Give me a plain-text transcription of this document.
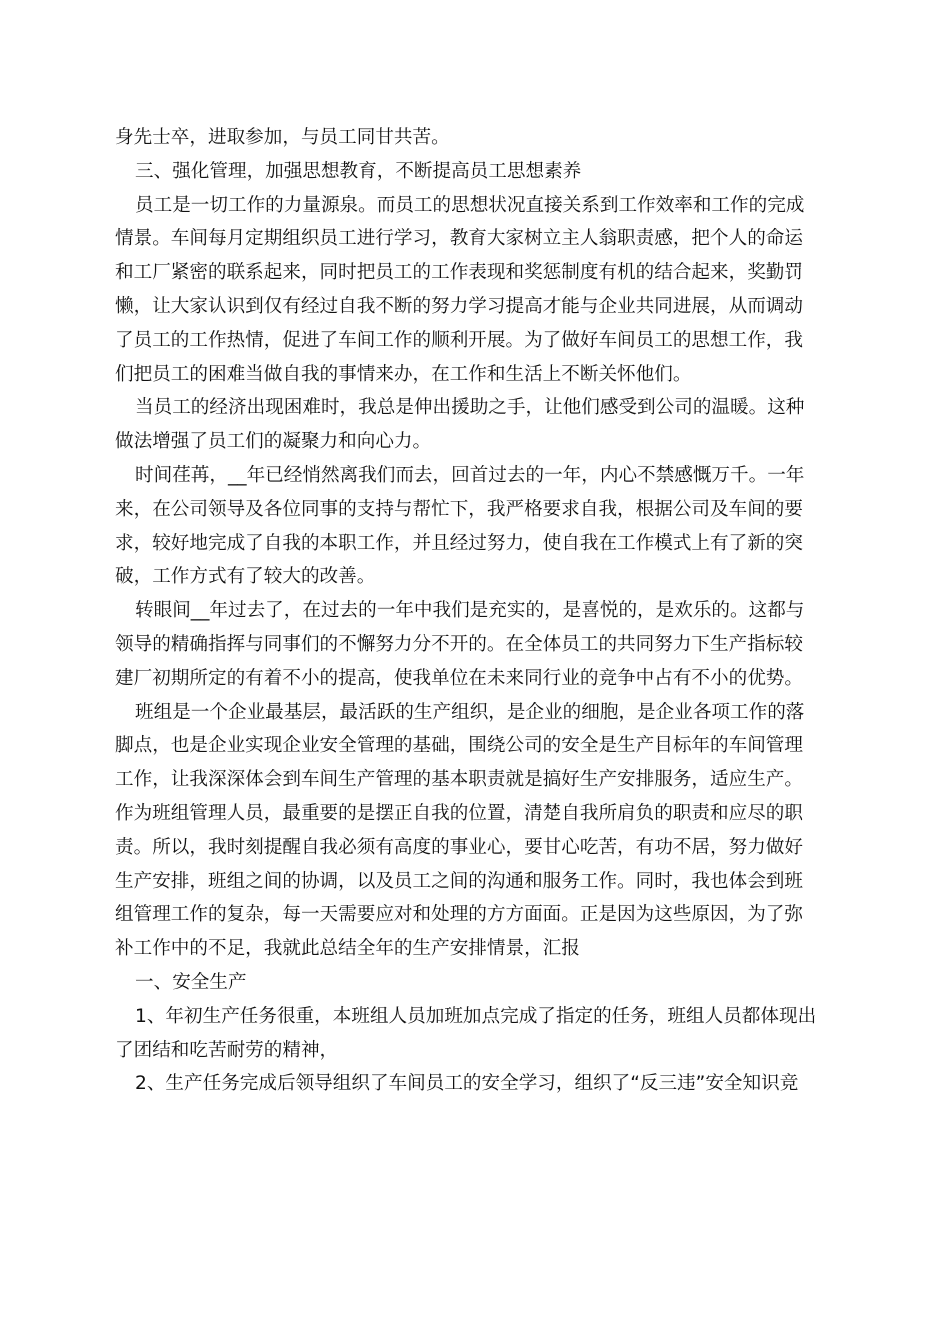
身先士卒，进取参加，与员工同甘共苦。
三、强化管理，加强思想教育，不断提高员工思想素养
员工是一切工作的力量源泉。而员工的思想状况直接关系到工作效率和工作的完成
情景。车间每月定期组织员工进行学习，教育大家树立主人翁职责感，把个人的命运
和工厂紧密的联系起来，同时把员工的工作表现和奖惩制度有机的结合起来，奖勤罚
懒，让大家认识到仅有经过自我不断的努力学习提高才能与企业共同进展，从而调动
了员工的工作热情，促进了车间工作的顺利开展。为了做好车间员工的思想工作，我
们把员工的困难当做自我的事情来办，在工作和生活上不断关怀他们。
当员工的经济出现困难时，我总是伸出援助之手，让他们感受到公司的温暖。这种
做法增强了员工们的凝聚力和向心力。
时间荏苒，__年已经悄然离我们而去，回首过去的一年，内心不禁感慨万千。一年
来，在公司领导及各位同事的支持与帮忙下，我严格要求自我，根据公司及车间的要
求，较好地完成了自我的本职工作，并且经过努力，使自我在工作模式上有了新的突
破，工作方式有了较大的改善。
转眼间__年过去了，在过去的一年中我们是充实的，是喜悦的，是欢乐的。这都与
领导的精确指挥与同事们的不懈努力分不开的。在全体员工的共同努力下生产指标较
建厂初期所定的有着不小的提高，使我单位在未来同行业的竞争中占有不小的优势。
班组是一个企业最基层，最活跃的生产组织，是企业的细胞，是企业各项工作的落
脚点，也是企业实现企业安全管理的基础，围绕公司的安全是生产目标年的车间管理
工作，让我深深体会到车间生产管理的基本职责就是搞好生产安排服务，适应生产。
作为班组管理人员，最重要的是摆正自我的位置，清楚自我所肩负的职责和应尽的职
责。所以，我时刻提醒自我必须有高度的事业心，要甘心吃苦，有功不居，努力做好
生产安排，班组之间的协调，以及员工之间的沟通和服务工作。同时，我也体会到班
组管理工作的复杂，每一天需要应对和处理的方方面面。正是因为这些原因，为了弥
补工作中的不足，我就此总结全年的生产安排情景，汇报
一、安全生产
1、年初生产任务很重，本班组人员加班加点完成了指定的任务，班组人员都体现出
了团结和吃苦耐劳的精神，
2、生产任务完成后领导组织了车间员工的安全学习，组织了“反三违”安全知识竞
